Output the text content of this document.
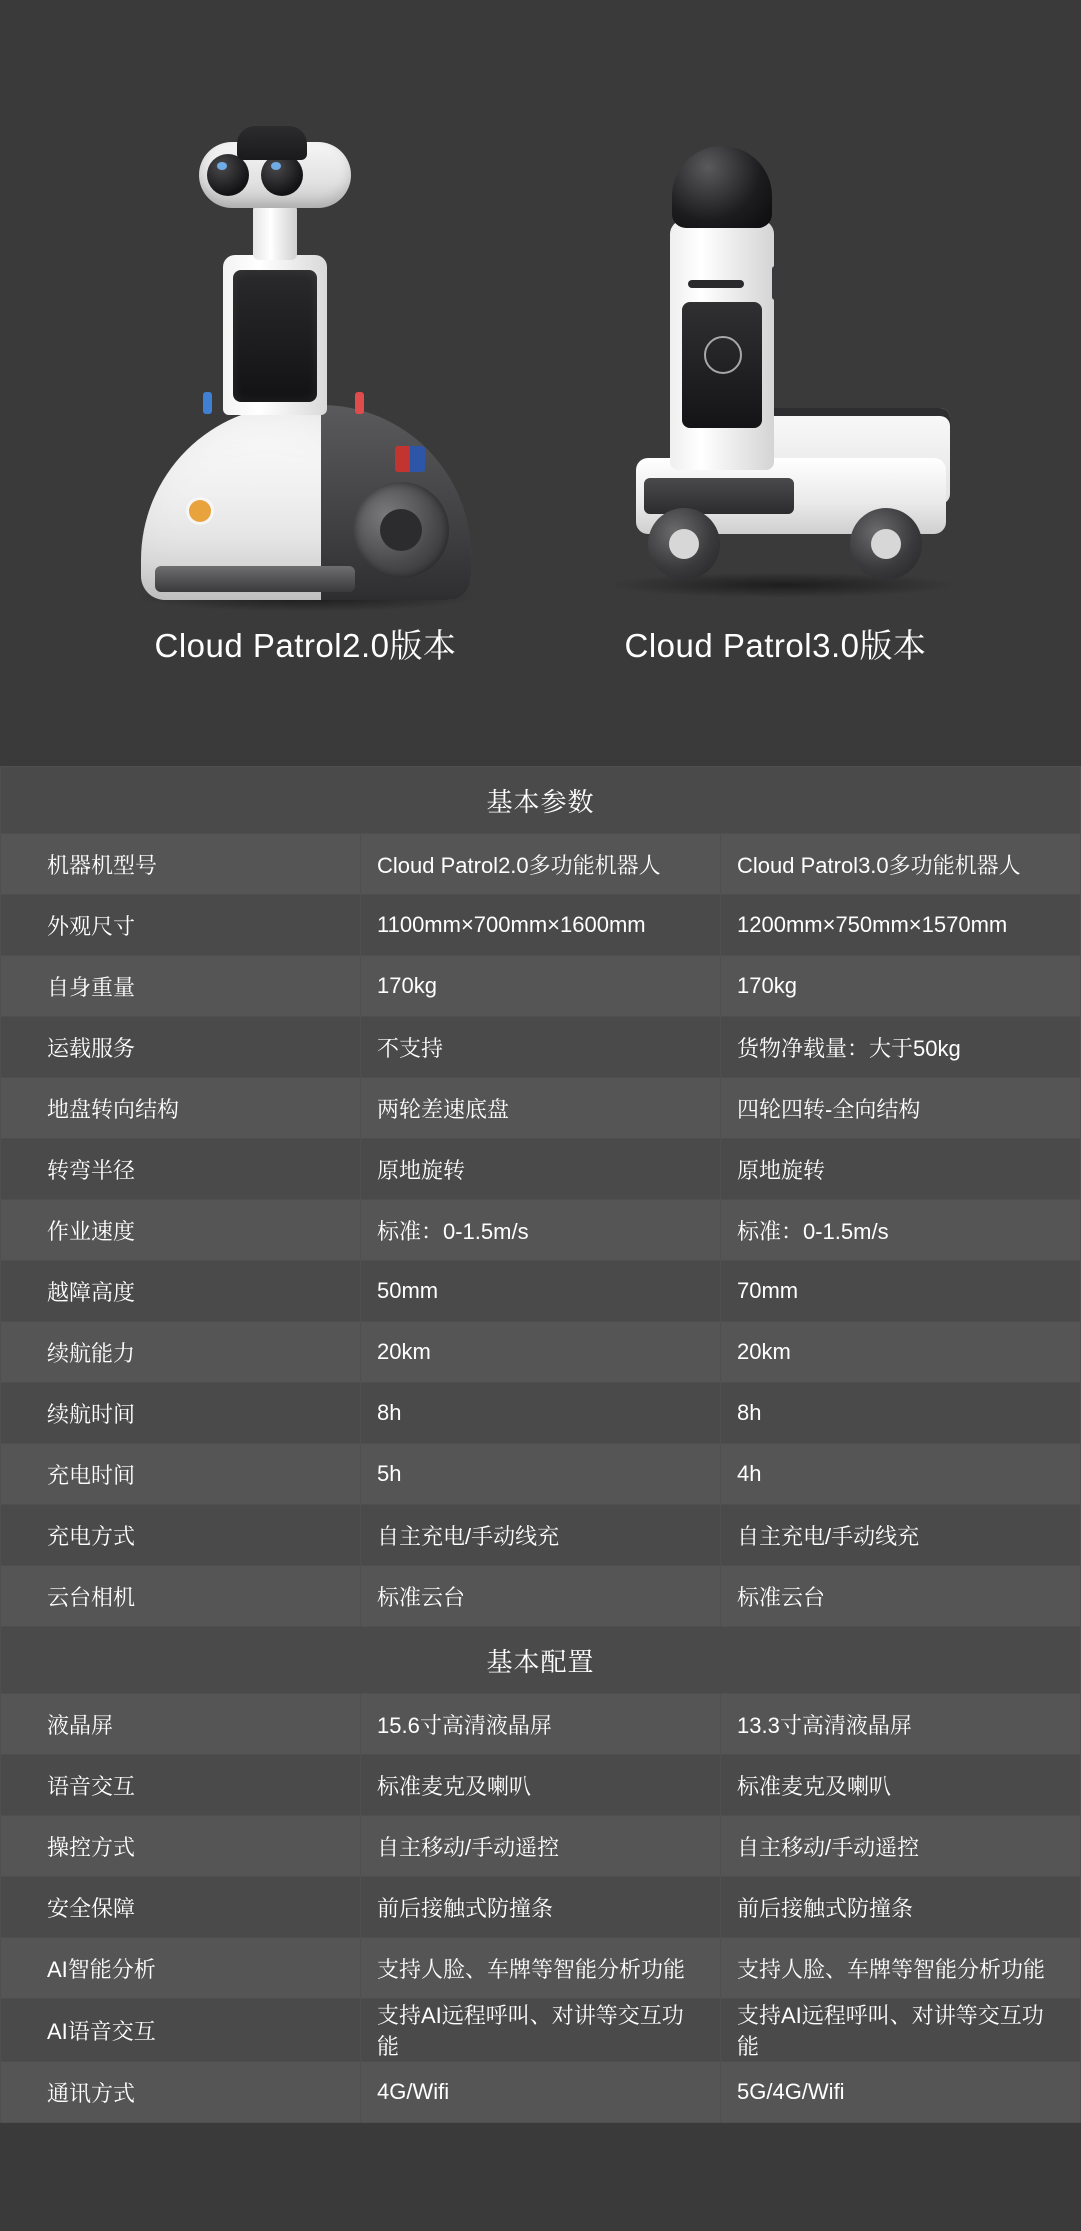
Cloud Patrol2.0版本	Cloud Patrol3.0版本
基本参数		
机器机型号	Cloud Patrol2.0多功能机器人	Cloud Patrol3.0多功能机器人
外观尺寸	1100mm×700mm×1600mm	1200mm×750mm×1570mm
自身重量	170kg	170kg
运载服务	不支持	货物净载量：大于50kg
地盘转向结构	两轮差速底盘	四轮四转-全向结构
转弯半径	原地旋转	原地旋转
作业速度	标准：0-1.5m/s	标准：0-1.5m/s
越障高度	50mm	70mm
续航能力	20km	20km
续航时间	8h	8h
充电时间	5h	4h
充电方式	自主充电/手动线充	自主充电/手动线充
云台相机	标准云台	标准云台
基本配置		
液晶屏	15.6寸高清液晶屏	13.3寸高清液晶屏
语音交互	标准麦克及喇叭	标准麦克及喇叭
操控方式	自主移动/手动遥控	自主移动/手动遥控
安全保障	前后接触式防撞条	前后接触式防撞条
AI智能分析	支持人脸、车牌等智能分析功能	支持人脸、车牌等智能分析功能
AI语音交互	支持AI远程呼叫、对讲等交互功能	支持AI远程呼叫、对讲等交互功能
通讯方式	4G/Wifi	5G/4G/Wifi
